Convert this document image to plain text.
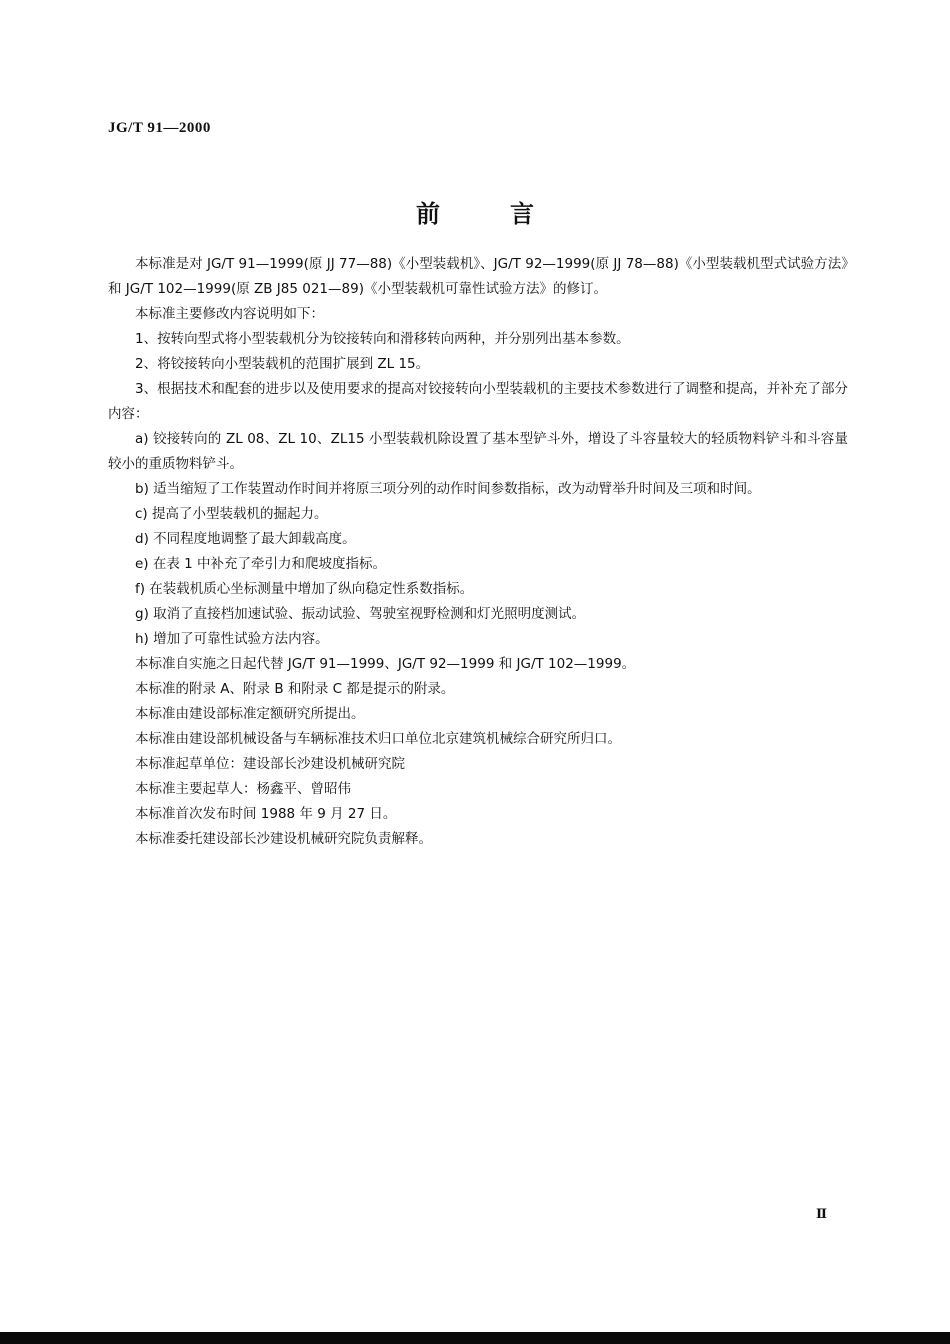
JG/T 91—2000
前言

本标准是对 JG/T 91—1999(原 JJ 77—88)《小型装载机》、JG/T 92—1999(原 JJ 78—88)《小型装载机型式试验方法》和 JG/T 102—1999(原 ZB J85 021—89)《小型装载机可靠性试验方法》的修订。

本标准主要修改内容说明如下：

1、按转向型式将小型装载机分为铰接转向和滑移转向两种，并分别列出基本参数。

2、将铰接转向小型装载机的范围扩展到 ZL 15。

3、根据技术和配套的进步以及使用要求的提高对铰接转向小型装载机的主要技术参数进行了调整和提高，并补充了部分内容：

a) 铰接转向的 ZL 08、ZL 10、ZL15 小型装载机除设置了基本型铲斗外，增设了斗容量较大的轻质物料铲斗和斗容量较小的重质物料铲斗。

b) 适当缩短了工作装置动作时间并将原三项分列的动作时间参数指标，改为动臂举升时间及三项和时间。

c) 提高了小型装载机的掘起力。

d) 不同程度地调整了最大卸载高度。

e) 在表 1 中补充了牵引力和爬坡度指标。

f) 在装载机质心坐标测量中增加了纵向稳定性系数指标。

g) 取消了直接档加速试验、振动试验、驾驶室视野检测和灯光照明度测试。

h) 增加了可靠性试验方法内容。

本标准自实施之日起代替 JG/T 91—1999、JG/T 92—1999 和 JG/T 102—1999。

本标准的附录 A、附录 B 和附录 C 都是提示的附录。

本标准由建设部标准定额研究所提出。

本标准由建设部机械设备与车辆标准技术归口单位北京建筑机械综合研究所归口。

本标准起草单位：建设部长沙建设机械研究院

本标准主要起草人：杨鑫平、曾昭伟

本标准首次发布时间 1988 年 9 月 27 日。

本标准委托建设部长沙建设机械研究院负责解释。

Ⅱ
